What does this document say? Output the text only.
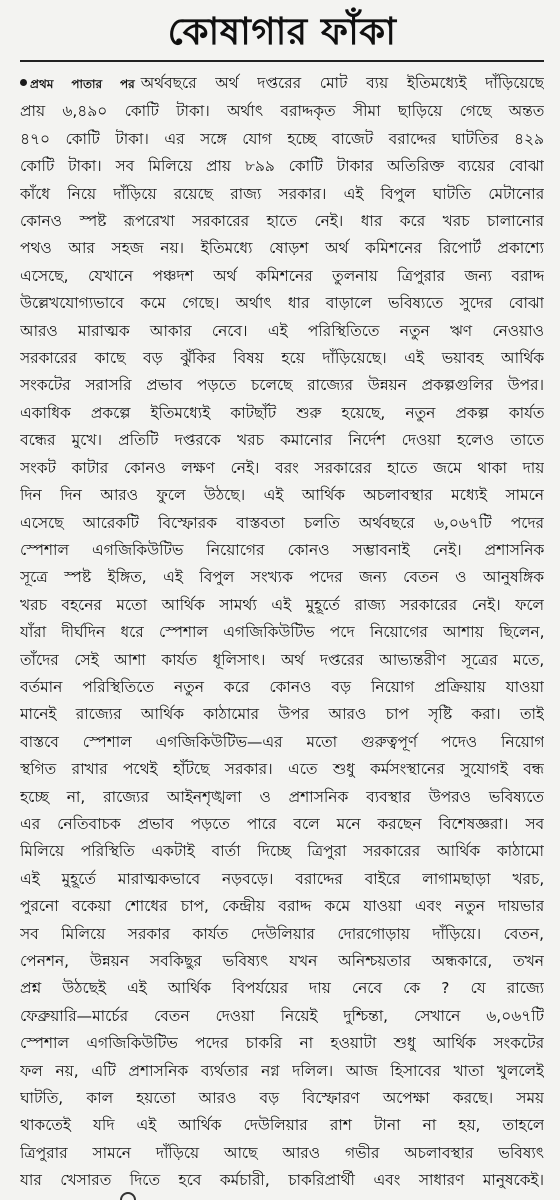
কোষাগার ফাঁকা
প্রথম পাতার পর অর্থবছরে অর্থ দপ্তরের মোট ব্যয় ইতিমধ্যেই দাঁড়িয়েছে
প্রায় ৬,৪৯০ কোটি টাকা। অর্থাৎ বরাদ্দকৃত সীমা ছাড়িয়ে গেছে অন্তত
৪৭০ কোটি টাকা। এর সঙ্গে যোগ হচ্ছে বাজেট বরাদ্দের ঘাটতির ৪২৯
কোটি টাকা। সব মিলিয়ে প্রায় ৮৯৯ কোটি টাকার অতিরিক্ত ব্যয়ের বোঝা
কাঁধে নিয়ে দাঁড়িয়ে রয়েছে রাজ্য সরকার। এই বিপুল ঘাটতি মেটানোর
কোনও স্পষ্ট রূপরেখা সরকারের হাতে নেই। ধার করে খরচ চালানোর
পথও আর সহজ নয়। ইতিমধ্যে ষোড়শ অর্থ কমিশনের রিপোর্ট প্রকাশ্যে
এসেছে, যেখানে পঞ্চদশ অর্থ কমিশনের তুলনায় ত্রিপুরার জন্য বরাদ্দ
উল্লেখযোগ্যভাবে কমে গেছে। অর্থাৎ ধার বাড়ালে ভবিষ্যতে সুদের বোঝা
আরও মারাত্মক আকার নেবে। এই পরিস্থিতিতে নতুন ঋণ নেওয়াও
সরকারের কাছে বড় ঝুঁকির বিষয় হয়ে দাঁড়িয়েছে। এই ভয়াবহ আর্থিক
সংকটের সরাসরি প্রভাব পড়তে চলেছে রাজ্যের উন্নয়ন প্রকল্পগুলির উপর।
একাধিক প্রকল্পে ইতিমধ্যেই কাটছাঁট শুরু হয়েছে, নতুন প্রকল্প কার্যত
বন্ধের মুখে। প্রতিটি দপ্তরকে খরচ কমানোর নির্দেশ দেওয়া হলেও তাতে
সংকট কাটার কোনও লক্ষণ নেই। বরং সরকারের হাতে জমে থাকা দায়
দিন দিন আরও ফুলে উঠছে। এই আর্থিক অচলাবস্থার মধ্যেই সামনে
এসেছে আরেকটি বিস্ফোরক বাস্তবতা চলতি অর্থবছরে ৬,০৬৭টি পদের
স্পেশাল এগজিকিউটিভ নিয়োগের কোনও সম্ভাবনাই নেই। প্রশাসনিক
সূত্রে স্পষ্ট ইঙ্গিত, এই বিপুল সংখ্যক পদের জন্য বেতন ও আনুষঙ্গিক
খরচ বহনের মতো আর্থিক সামর্থ্য এই মুহূর্তে রাজ্য সরকারের নেই। ফলে
যাঁরা দীর্ঘদিন ধরে স্পেশাল এগজিকিউটিভ পদে নিয়োগের আশায় ছিলেন,
তাঁদের সেই আশা কার্যত ধূলিসাৎ। অর্থ দপ্তরের আভ্যন্তরীণ সূত্রের মতে,
বর্তমান পরিস্থিতিতে নতুন করে কোনও বড় নিয়োগ প্রক্রিয়ায় যাওয়া
মানেই রাজ্যের আর্থিক কাঠামোর উপর আরও চাপ সৃষ্টি করা। তাই
বাস্তবে স্পেশাল এগজিকিউটিভ—এর মতো গুরুত্বপূর্ণ পদেও নিয়োগ
স্থগিত রাখার পথেই হাঁটছে সরকার। এতে শুধু কর্মসংস্থানের সুযোগই বন্ধ
হচ্ছে না, রাজ্যের আইনশৃঙ্খলা ও প্রশাসনিক ব্যবস্থার উপরও ভবিষ্যতে
এর নেতিবাচক প্রভাব পড়তে পারে বলে মনে করছেন বিশেষজ্ঞরা। সব
মিলিয়ে পরিস্থিতি একটাই বার্তা দিচ্ছে ত্রিপুরা সরকারের আর্থিক কাঠামো
এই মুহূর্তে মারাত্মকভাবে নড়বড়ে। বরাদ্দের বাইরে লাগামছাড়া খরচ,
পুরনো বকেয়া শোধের চাপ, কেন্দ্রীয় বরাদ্দ কমে যাওয়া এবং নতুন দায়ভার
সব মিলিয়ে সরকার কার্যত দেউলিয়ার দোরগোড়ায় দাঁড়িয়ে। বেতন,
পেনশন, উন্নয়ন সবকিছুর ভবিষ্যৎ যখন অনিশ্চয়তার অন্ধকারে, তখন
প্রশ্ন উঠছেই এই আর্থিক বিপর্যয়ের দায় নেবে কে ? যে রাজ্যে
ফেব্রুয়ারি—মার্চের বেতন দেওয়া নিয়েই দুশ্চিন্তা, সেখানে ৬,০৬৭টি
স্পেশাল এগজিকিউটিভ পদের চাকরি না হওয়াটা শুধু আর্থিক সংকটের
ফল নয়, এটি প্রশাসনিক ব্যর্থতার নগ্ন দলিল। আজ হিসাবের খাতা খুললেই
ঘাটতি, কাল হয়তো আরও বড় বিস্ফোরণ অপেক্ষা করছে। সময়
থাকতেই যদি এই আর্থিক দেউলিয়ার রাশ টানা না হয়, তাহলে
ত্রিপুরার সামনে দাঁড়িয়ে আছে আরও গভীর অচলাবস্থার ভবিষ্যৎ
যার খেসারত দিতে হবে কর্মচারী, চাকরিপ্রার্থী এবং সাধারণ মানুষকেই।
